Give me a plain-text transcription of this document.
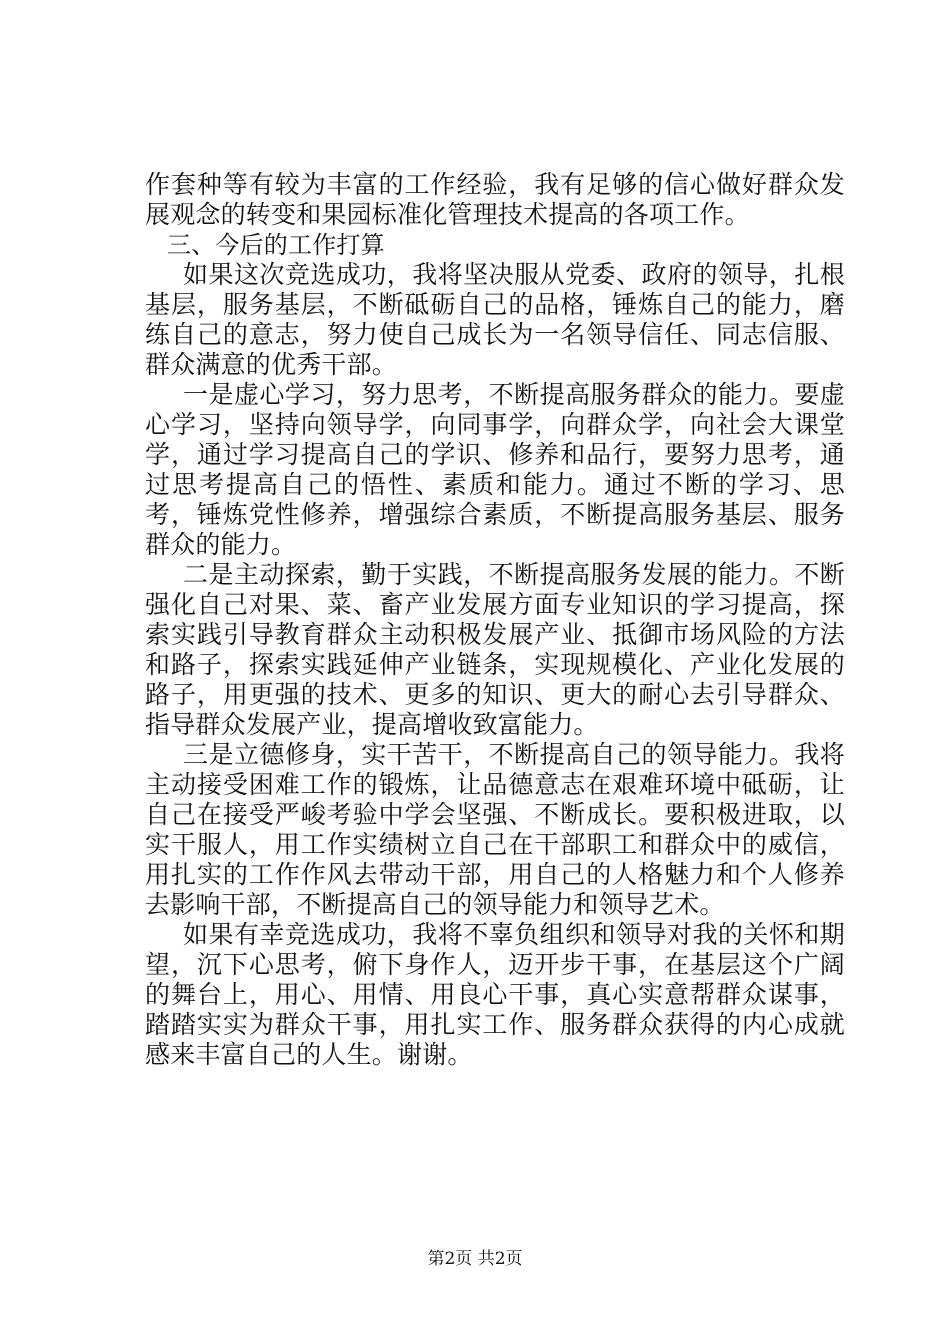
作套种等有较为丰富的工作经验，我有足够的信心做好群众发展观念的转变和果园标准化管理技术提高的各项工作。

三、今后的工作打算

如果这次竞选成功，我将坚决服从党委、政府的领导，扎根基层，服务基层，不断砥砺自己的品格，锤炼自己的能力，磨练自己的意志，努力使自己成长为一名领导信任、同志信服、群众满意的优秀干部。

一是虚心学习，努力思考，不断提高服务群众的能力。要虚心学习，坚持向领导学，向同事学，向群众学，向社会大课堂学，通过学习提高自己的学识、修养和品行，要努力思考，通过思考提高自己的悟性、素质和能力。通过不断的学习、思考，锤炼党性修养，增强综合素质，不断提高服务基层、服务群众的能力。

二是主动探索，勤于实践，不断提高服务发展的能力。不断强化自己对果、菜、畜产业发展方面专业知识的学习提高，探索实践引导教育群众主动积极发展产业、抵御市场风险的方法和路子，探索实践延伸产业链条，实现规模化、产业化发展的路子，用更强的技术、更多的知识、更大的耐心去引导群众、指导群众发展产业，提高增收致富能力。

三是立德修身，实干苦干，不断提高自己的领导能力。我将主动接受困难工作的锻炼，让品德意志在艰难环境中砥砺，让自己在接受严峻考验中学会坚强、不断成长。要积极进取，以实干服人，用工作实绩树立自己在干部职工和群众中的威信，用扎实的工作作风去带动干部，用自己的人格魅力和个人修养去影响干部，不断提高自己的领导能力和领导艺术。

如果有幸竞选成功，我将不辜负组织和领导对我的关怀和期望，沉下心思考，俯下身作人，迈开步干事，在基层这个广阔的舞台上，用心、用情、用良心干事，真心实意帮群众谋事，踏踏实实为群众干事，用扎实工作、服务群众获得的内心成就感来丰富自己的人生。谢谢。

第2页 共2页
